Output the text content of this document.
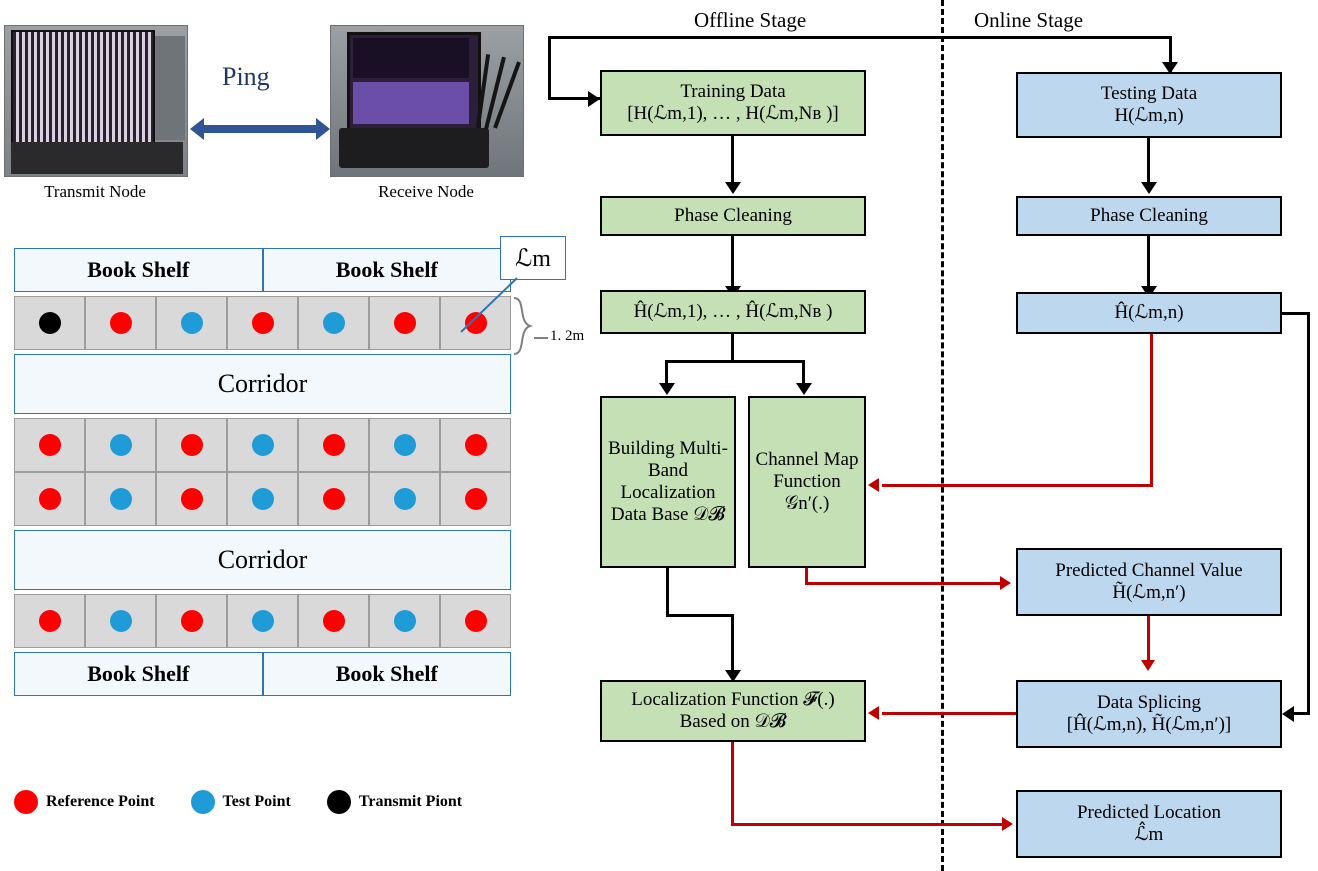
Transmit Node	Receive Node
Ping
Book Shelf	Book Shelf
Corridor
Corridor
Book Shelf	Book Shelf
ℒm
1. 2m
Reference Point	Test Point	Transmit Piont
Offline Stage	Online Stage
Training Data
[H(ℒm,1), … , H(ℒm,Nʙ )]
Phase Cleaning
Ĥ(ℒm,1), … , Ĥ(ℒm,Nʙ )
Building Multi-Band Localization Data Base 𝒟𝓑
Channel Map Function 𝒢nʹ(.)
Localization Function 𝓕(.) Based on 𝒟𝓑
Testing Data
H(ℒm,n)
Phase Cleaning
Ĥ(ℒm,n)
Predicted Channel Value
H̃(ℒm,n′)
Data Splicing
[Ĥ(ℒm,n), H̃(ℒm,n′)]
Predicted Location
ℒ̂m
